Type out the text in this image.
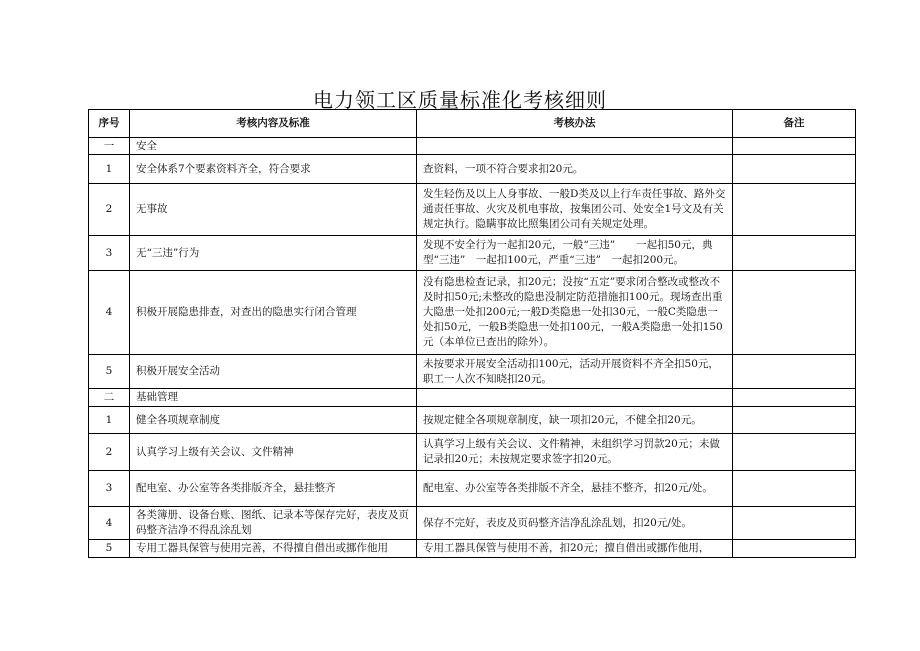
电力领工区质量标准化考核细则
序号	考核内容及标准	考核办法	备注
一	安全		
1	安全体系7个要素资料齐全，符合要求	查资料，一项不符合要求扣20元。	
2	无事故	发生轻伤及以上人身事故、一般D类及以上行车责任事故、路外交通责任事故、火灾及机电事故，按集团公司、处安全1号文及有关规定执行。隐瞒事故比照集团公司有关规定处理。	
3	无“三违”行为	发现不安全行为一起扣20元，一般“三违”　　一起扣50元，典型“三违”　一起扣100元，严重“三违”　一起扣200元。	
4	积极开展隐患排查，对查出的隐患实行闭合管理	没有隐患检查记录，扣20元；没按“五定”要求闭合整改或整改不及时扣50元;未整改的隐患没制定防范措施扣100元。现场查出重大隐患一处扣200元;一般D类隐患一处扣30元，一般C类隐患一处扣50元，一般B类隐患一处扣100元，一般A类隐患一处扣150元（本单位已查出的除外）。	
5	积极开展安全活动	未按要求开展安全活动扣100元，活动开展资料不齐全扣50元，职工一人次不知晓扣20元。	
二	基础管理		
1	健全各项规章制度	按规定健全各项规章制度，缺一项扣20元，不健全扣20元。	
2	认真学习上级有关会议、文件精神	认真学习上级有关会议、文件精神，未组织学习罚款20元；未做记录扣20元；未按规定要求签字扣20元。	
3	配电室、办公室等各类排版齐全，悬挂整齐	配电室、办公室等各类排版不齐全，悬挂不整齐，扣20元/处。	
4	各类簿册、设备台账、图纸、记录本等保存完好，表皮及页码整齐洁净不得乱涂乱划	保存不完好，表皮及页码整齐洁净乱涂乱划，扣20元/处。	
5	专用工器具保管与使用完善，不得擅自借出或挪作他用	专用工器具保管与使用不善，扣20元；擅自借出或挪作他用，	
